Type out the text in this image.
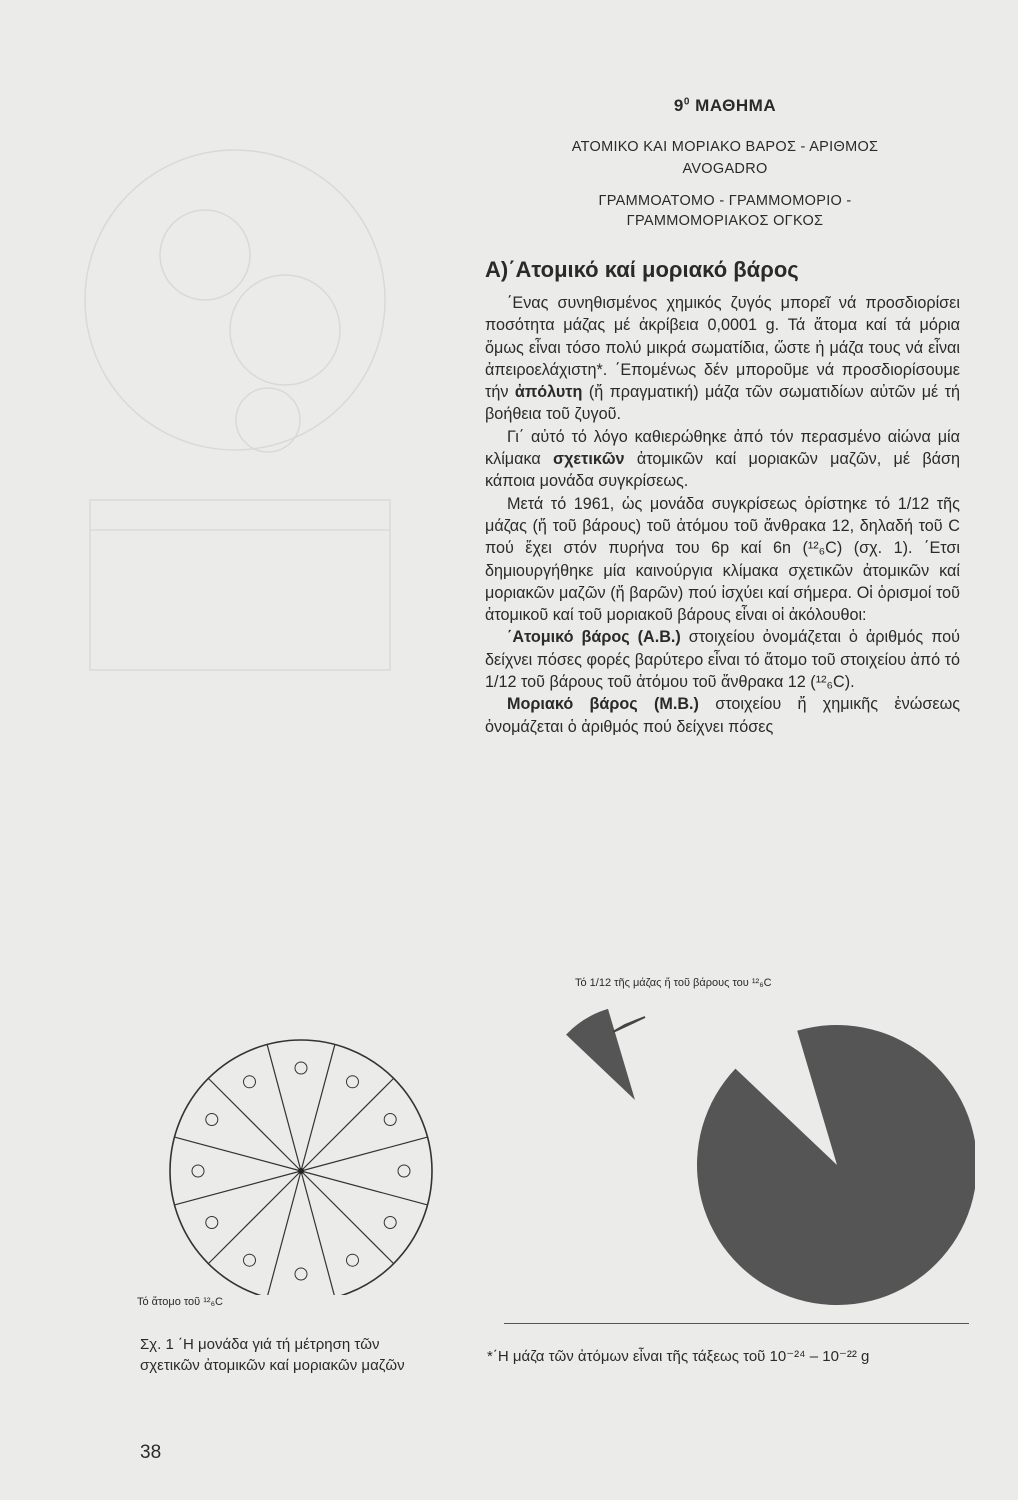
$9^0$ ΜΑΘΗΜΑ
ΑΤΟΜΙΚΟ ΚΑΙ ΜΟΡΙΑΚΟ ΒΑΡΟΣ - ΑΡΙΘΜΟΣ
AVOGADRO
ΓΡΑΜΜΟΑΤΟΜΟ - ΓΡΑΜΜΟΜΟΡΙΟ -
ΓΡΑΜΜΟΜΟΡΙΑΚΟΣ ΟΓΚΟΣ
Α)΄Ατομικό καί μοριακό βάρος

΄Ενας συνηθισμένος χημικός ζυγός μπορεῖ νά προσδιορίσει ποσότητα μάζας μέ ἀκρίβεια 0,0001 g. Τά ἄτομα καί τά μόρια ὅμως εἶναι τόσο πολύ μικρά σωματίδια, ὥστε ἡ μάζα τους νά εἶναι ἀπειροελάχιστη*. ΄Επομένως δέν μποροῦμε νά προσδιορίσουμε τήν ἀπόλυτη (ἤ πραγματική) μάζα τῶν σωματιδίων αὐτῶν μέ τή βοήθεια τοῦ ζυγοῦ.

Γι΄ αὐτό τό λόγο καθιερώθηκε ἀπό τόν περασμένο αἰώνα μία κλίμακα σχετικῶν ἀτομικῶν καί μοριακῶν μαζῶν, μέ βάση κάποια μονάδα συγκρίσεως.

Μετά τό 1961, ὡς μονάδα συγκρίσεως ὁρίστηκε τό 1/12 τῆς μάζας (ἤ τοῦ βάρους) τοῦ ἀτόμου τοῦ ἄνθρακα 12, δηλαδή τοῦ C πού ἔχει στόν πυρήνα του 6p καί 6n (¹²₆C) (σχ. 1). ΄Ετσι δημιουργήθηκε μία καινούργια κλίμακα σχετικῶν ἀτομικῶν καί μοριακῶν μαζῶν (ἤ βαρῶν) πού ἰσχύει καί σήμερα. Οἱ ὁρισμοί τοῦ ἀτομικοῦ καί τοῦ μοριακοῦ βάρους εἶναι οἱ ἀκόλουθοι:

΄Ατομικό βάρος (Α.Β.) στοιχείου ὀνομάζεται ὁ ἀριθμός πού δείχνει πόσες φορές βαρύτερο εἶναι τό ἄτομο τοῦ στοιχείου ἀπό τό 1/12 τοῦ βάρους τοῦ ἀτόμου τοῦ ἄνθρακα 12 (¹²₆C).

Μοριακό βάρος (Μ.Β.) στοιχείου ἤ χημικῆς ἑνώσεως ὀνομάζεται ὁ ἀριθμός πού δείχνει πόσες

Τό ἄτομο τοῦ ¹²₆C
Τό 1/12 τῆς μάζας ἤ τοῦ βάρους του ¹²₆C
Σχ. 1 ΄Η μονάδα γιά τή μέτρηση τῶν
σχετικῶν ἀτομικῶν καί μοριακῶν μαζῶν
*΄Η μάζα τῶν ἀτόμων εἶναι τῆς τάξεως τοῦ 10⁻²⁴ – 10⁻²² g
38
